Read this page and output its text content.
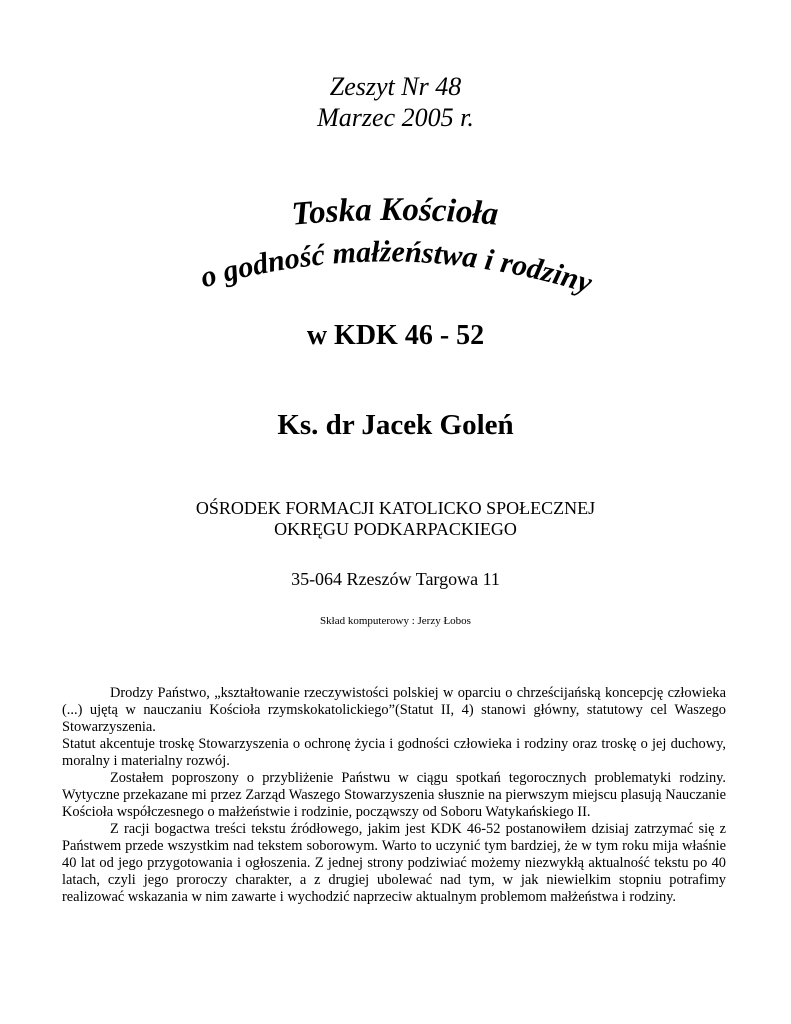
Zeszyt Nr 48
Marzec 2005 r.
Toska Kościoła
o godność małżeństwa i rodziny
w KDK 46 - 52
Ks. dr Jacek Goleń
OŚRODEK FORMACJI KATOLICKO SPOŁECZNEJ
OKRĘGU PODKARPACKIEGO
35-064 Rzeszów Targowa 11
Skład komputerowy : Jerzy Łobos

Drodzy Państwo, „kształtowanie rzeczywistości polskiej w oparciu o chrześcijańską koncepcję człowieka (...) ujętą w nauczaniu Kościoła rzymskokatolickiego”(Statut II, 4) stanowi główny, statutowy cel Waszego Stowarzyszenia.

Statut akcentuje troskę Stowarzyszenia o ochronę życia i godności człowieka i rodziny oraz troskę o jej duchowy, moralny i materialny rozwój.

Zostałem poproszony o przybliżenie Państwu w ciągu spotkań tegorocznych problematyki rodziny. Wytyczne przekazane mi przez Zarząd Waszego Stowarzyszenia słusznie na pierwszym miejscu plasują Nauczanie Kościoła współczesnego o małżeństwie i rodzinie, począwszy od Soboru Watykańskiego II.

Z racji bogactwa treści tekstu źródłowego, jakim jest KDK 46-52 postanowiłem dzisiaj zatrzymać się z Państwem przede wszystkim nad tekstem soborowym. Warto to uczynić tym bardziej, że w tym roku mija właśnie 40 lat od jego przygotowania i ogłoszenia. Z jednej strony podziwiać możemy niezwykłą aktualność tekstu po 40 latach, czyli jego proroczy charakter, a z drugiej ubolewać nad tym, w jak niewielkim stopniu potrafimy realizować wskazania w nim zawarte i wychodzić naprzeciw aktualnym problemom małżeństwa i rodziny.
